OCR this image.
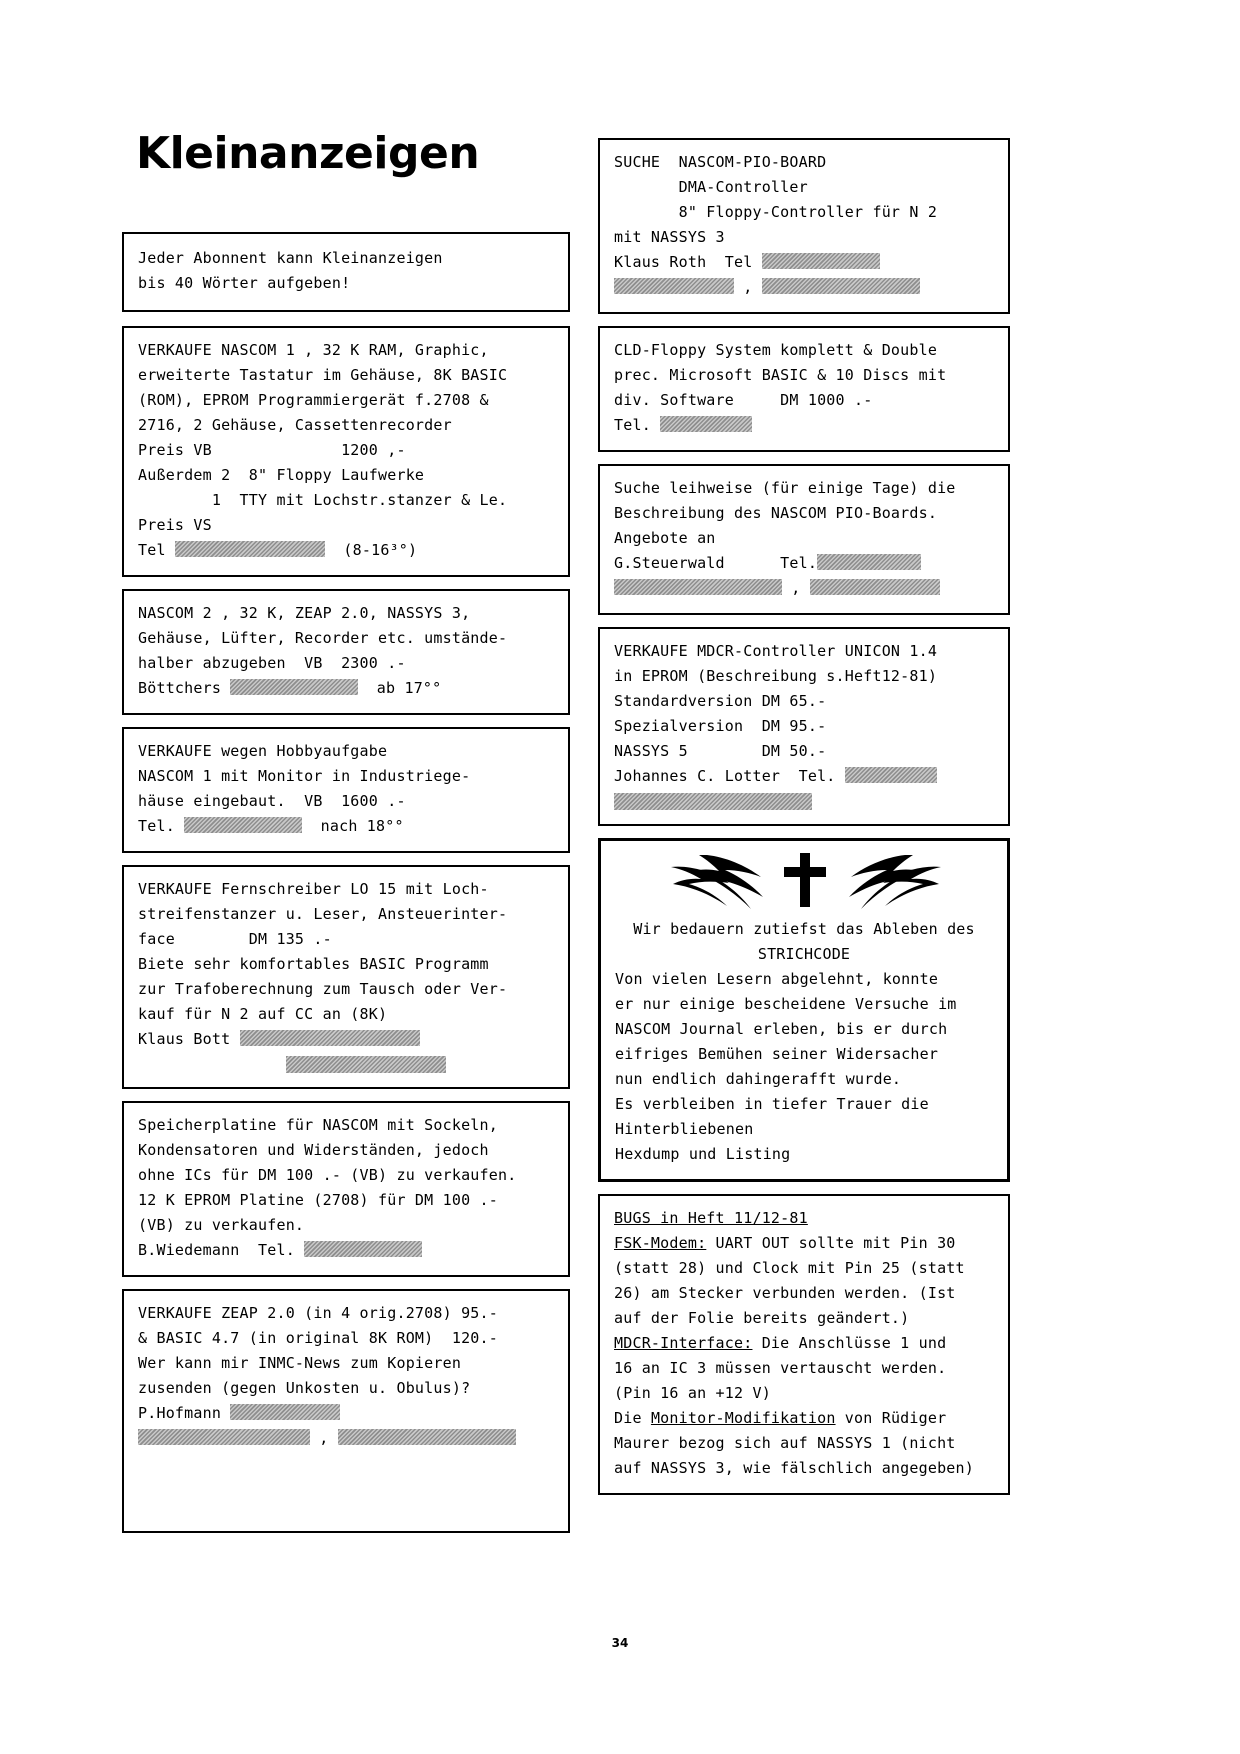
Kleinanzeigen
Jeder Abonnent kann Kleinanzeigen
bis 40 Wörter aufgeben!
VERKAUFE NASCOM 1 , 32 K RAM, Graphic,
erweiterte Tastatur im Gehäuse, 8K BASIC
(ROM), EPROM Programmiergerät f.2708 &
2716, 2 Gehäuse, Cassettenrecorder
Preis VB              1200 ,-
Außerdem 2  8" Floppy Laufwerke
1  TTY mit Lochstr.stanzer & Le.
Preis VS
Tel	(8-16³°)
NASCOM 2 , 32 K, ZEAP 2.0, NASSYS 3,
Gehäuse, Lüfter, Recorder etc. umstände-
halber abzugeben  VB  2300 .-
Böttchers	ab 17°°
VERKAUFE wegen Hobbyaufgabe
NASCOM 1 mit Monitor in Industriege-
häuse eingebaut.  VB  1600 .-
Tel.	nach 18°°
VERKAUFE Fernschreiber LO 15 mit Loch-
streifenstanzer u. Leser, Ansteuerinter-
face        DM 135 .-
Biete sehr komfortables BASIC Programm
zur Trafoberechnung zum Tausch oder Ver-
kauf für N 2 auf CC an (8K)
Klaus Bott
Speicherplatine für NASCOM mit Sockeln,
Kondensatoren und Widerständen, jedoch
ohne ICs für DM 100 .- (VB) zu verkaufen.
12 K EPROM Platine (2708) für DM 100 .-
(VB) zu verkaufen.
B.Wiedemann  Tel.
VERKAUFE ZEAP 2.0 (in 4 orig.2708) 95.-
& BASIC 4.7 (in original 8K ROM)  120.-
Wer kann mir INMC-News zum Kopieren
zusenden (gegen Unkosten u. Obulus)?
P.Hofmann
,
SUCHE  NASCOM-PIO-BOARD
DMA-Controller
8" Floppy-Controller für N 2
mit NASSYS 3
Klaus Roth  Tel
,
CLD-Floppy System komplett & Double
prec. Microsoft BASIC & 10 Discs mit
div. Software     DM 1000 .-
Tel.
Suche leihweise (für einige Tage) die
Beschreibung des NASCOM PIO-Boards.
Angebote an
G.Steuerwald      Tel.
,
VERKAUFE MDCR-Controller UNICON 1.4
in EPROM (Beschreibung s.Heft12-81)
Standardversion DM 65.-
Spezialversion  DM 95.-
NASSYS 5        DM 50.-
Johannes C. Lotter  Tel.
Wir bedauern zutiefst das Ableben des
STRICHCODE
Von vielen Lesern abgelehnt, konnte
er nur einige bescheidene Versuche im
NASCOM Journal erleben, bis er durch
eifriges Bemühen seiner Widersacher
nun endlich dahingerafft wurde.
Es verbleiben in tiefer Trauer die
Hinterbliebenen
Hexdump und Listing
BUGS in Heft 11/12-81
FSK-Modem: UART OUT sollte mit Pin 30
(statt 28) und Clock mit Pin 25 (statt
26) am Stecker verbunden werden. (Ist
auf der Folie bereits geändert.)
MDCR-Interface: Die Anschlüsse 1 und
16 an IC 3 müssen vertauscht werden.
(Pin 16 an +12 V)
Die Monitor-Modifikation von Rüdiger
Maurer bezog sich auf NASSYS 1 (nicht
auf NASSYS 3, wie fälschlich angegeben)
34
